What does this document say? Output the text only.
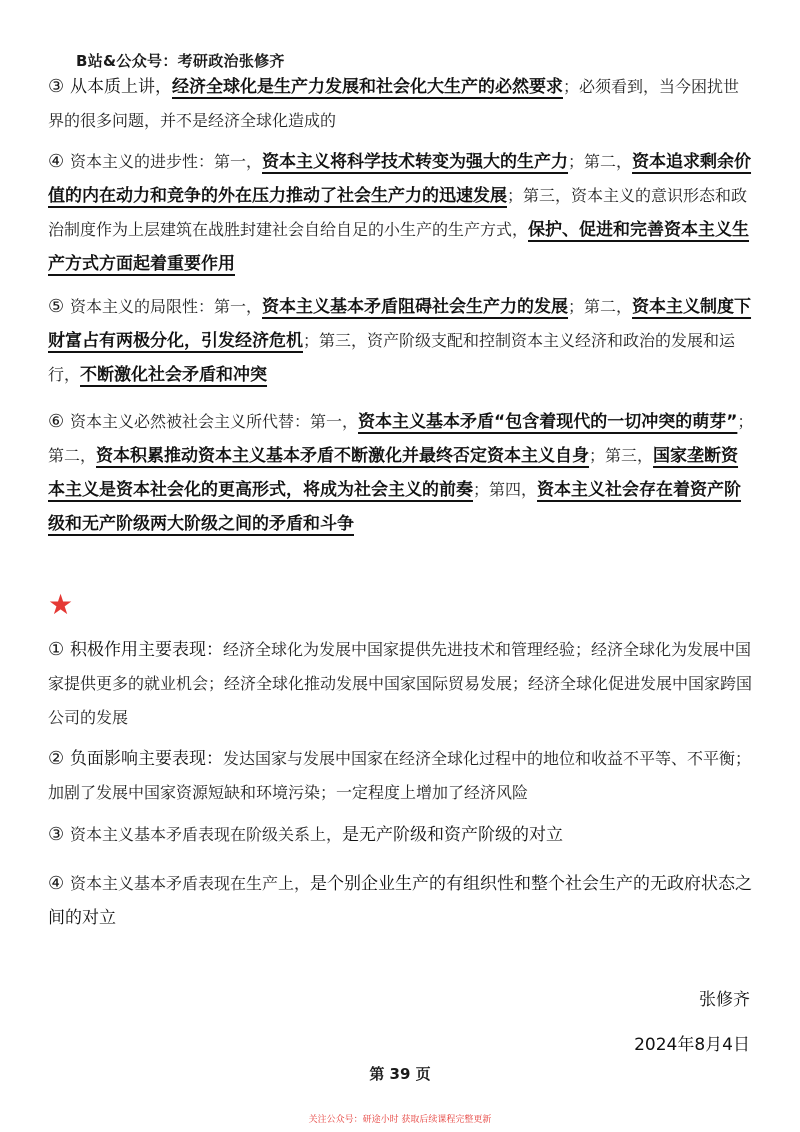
B站&公众号：考研政治张修齐
③ 从本质上讲，经济全球化是生产力发展和社会化大生产的必然要求；必须看到，当今困扰世界的很多问题，并不是经济全球化造成的
④ 资本主义的进步性：第一，资本主义将科学技术转变为强大的生产力；第二，资本追求剩余价值的内在动力和竞争的外在压力推动了社会生产力的迅速发展；第三，资本主义的意识形态和政治制度作为上层建筑在战胜封建社会自给自足的小生产的生产方式，保护、促进和完善资本主义生产方式方面起着重要作用
⑤ 资本主义的局限性：第一，资本主义基本矛盾阻碍社会生产力的发展；第二，资本主义制度下财富占有两极分化，引发经济危机；第三，资产阶级支配和控制资本主义经济和政治的发展和运行，不断激化社会矛盾和冲突
⑥ 资本主义必然被社会主义所代替：第一，资本主义基本矛盾“包含着现代的一切冲突的萌芽”；第二，资本积累推动资本主义基本矛盾不断激化并最终否定资本主义自身；第三，国家垄断资本主义是资本社会化的更高形式，将成为社会主义的前奏；第四，资本主义社会存在着资产阶级和无产阶级两大阶级之间的矛盾和斗争
★
① 积极作用主要表现：经济全球化为发展中国家提供先进技术和管理经验；经济全球化为发展中国家提供更多的就业机会；经济全球化推动发展中国家国际贸易发展；经济全球化促进发展中国家跨国公司的发展
② 负面影响主要表现：发达国家与发展中国家在经济全球化过程中的地位和收益不平等、不平衡；加剧了发展中国家资源短缺和环境污染；一定程度上增加了经济风险
③ 资本主义基本矛盾表现在阶级关系上，是无产阶级和资产阶级的对立
④ 资本主义基本矛盾表现在生产上，是个别企业生产的有组织性和整个社会生产的无政府状态之间的对立
张修齐
2024年8月4日
第 39 页
关注公众号：研途小时 获取后续课程完整更新
